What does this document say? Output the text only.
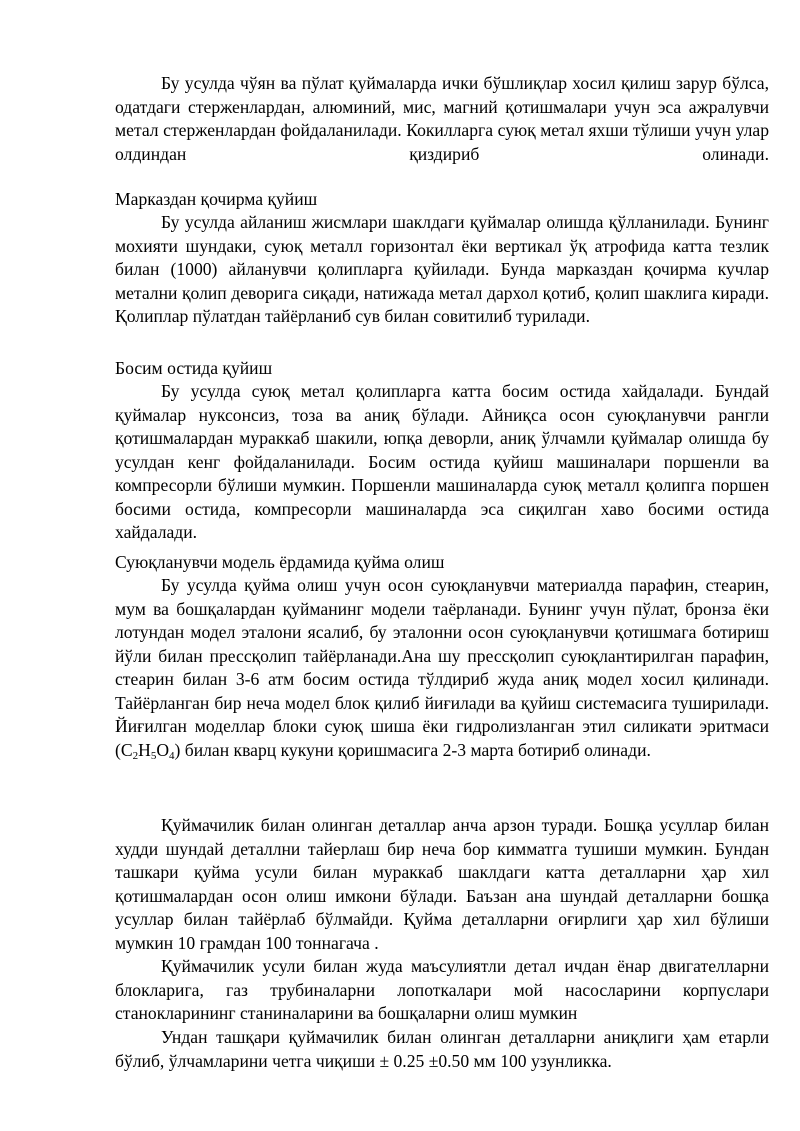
Бу усулда чўян ва пўлат қуймаларда ички бўшлиқлар хосил қилиш зарур бўлса, одатдаги стерженлардан, алюминий, мис, магний қотишмалари учун эса ажралувчи метал стерженлардан фойдаланилади. Кокилларга суюқ метал яхши тўлиши учун улар олдиндан қиздириб олинади.

Марказдан қочирма қуйиш

Бу усулда айланиш жисмлари шаклдаги қуймалар олишда қўлланилади. Бунинг мохияти шундаки, суюқ металл горизонтал ёки вертикал ўқ атрофида катта тезлик билан (1000) айланувчи қолипларга қуйилади. Бунда марказдан қочирма кучлар метални қолип деворига сиқади, натижада метал дархол қотиб, қолип шаклига киради. Қолиплар пўлатдан тайёрланиб сув билан совитилиб турилади.

Босим остида қуйиш

Бу усулда суюқ метал қолипларга катта босим остида хайдалади. Бундай қуймалар нуксонсиз, тоза ва аниқ бўлади. Айниқса осон суюқланувчи рангли қотишмалардан мураккаб шакили, юпқа деворли, аниқ ўлчамли қуймалар олишда бу усулдан кенг фойдаланилади. Босим остида қуйиш машиналари поршенли ва компресорли бўлиши мумкин. Поршенли машиналарда суюқ металл қолипга поршен босими остида, компресорли машиналарда эса сиқилган хаво босими остида хайдалади.

Суюқланувчи модель ёрдамида қуйма олиш

Бу усулда қуйма олиш учун осон суюқланувчи материалда парафин, стеарин, мум ва бошқалардан қуйманинг модели таёрланади. Бунинг учун пўлат, бронза ёки лотундан модел эталони ясалиб, бу эталонни осон суюқланувчи қотишмага ботириш йўли билан прессқолип тайёрланади.Ана шу прессқолип суюқлантирилган парафин, стеарин билан 3-6 атм босим остида тўлдириб жуда аниқ модел хосил қилинади. Тайёрланган бир неча модел блок қилиб йиғилади ва қуйиш системасига туширилади. Йиғилган моделлар блоки суюқ шиша ёки гидролизланган этил силикати эритмаси $(C_2H_5O_4)$ билан кварц кукуни қоришмасига 2-3 марта ботириб олинади.

Қуймачилик билан олинган деталлар анча арзон туради. Бошқа усуллар билан худди шундай деталлни тайерлаш бир неча бор кимматга тушиши мумкин. Бундан ташкари қуйма усули билан мураккаб шаклдаги катта деталларни ҳар хил қотишмалардан осон олиш имкони бўлади. Баъзан ана шундай деталларни бошқа усуллар билан тайёрлаб бўлмайди. Қуйма деталларни оғирлиги ҳар хил бўлиши мумкин 10 грамдан 100 тоннагача .

Қуймачилик усули билан жуда маъсулиятли детал ичдан ёнар двигателларни блокларига, газ трубиналарни лопоткалари мой насосларини корпуслари станокларининг станиналарини ва бошқаларни олиш мумкин

Ундан ташқари қуймачилик билан олинган деталларни аниқлиги ҳам етарли бўлиб, ўлчамларини четга чиқиши ± 0.25 ±0.50 мм 100 узунликка.
